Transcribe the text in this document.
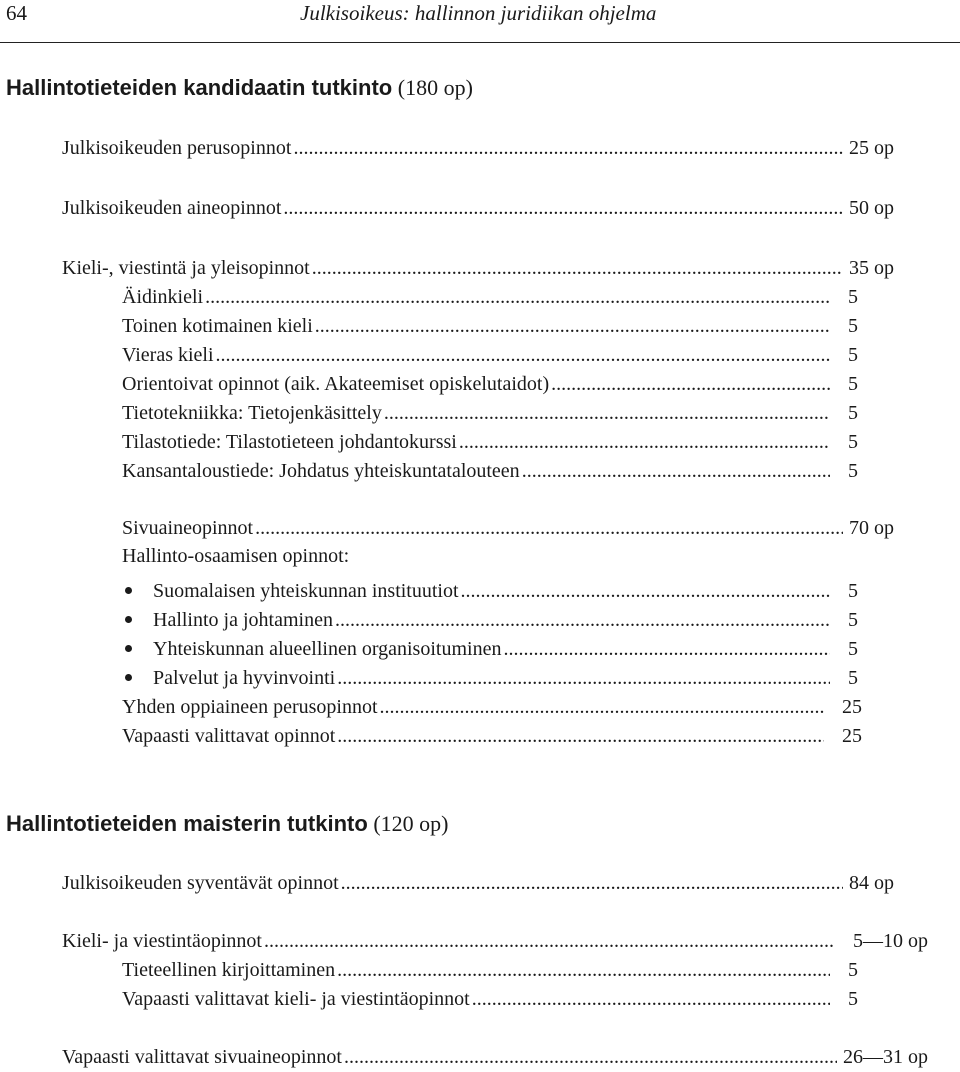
64	Julkisoikeus: hallinnon juridiikan ohjelma
Hallintotieteiden kandidaatin tutkinto (180 op)
Julkisoikeuden perusopinnot .....	25 op
Julkisoikeuden aineopinnot .....	50 op
Kieli-, viestintä ja yleisopinnot .....	35 op
Äidinkieli .....	5
Toinen kotimainen kieli .....	5
Vieras kieli .....	5
Orientoivat opinnot (aik. Akateemiset opiskelutaidot) .....	5
Tietotekniikka: Tietojenkäsittely .....	5
Tilastotiede: Tilastotieteen johdantokurssi .....	5
Kansantaloustiede: Johdatus yhteiskuntatalouteen .....	5
Sivuaineopinnot .....	70 op
Hallinto-osaamisen opinnot:
Suomalaisen yhteiskunnan instituutiot .....	5
Hallinto ja johtaminen .....	5
Yhteiskunnan alueellinen organisoituminen .....	5
Palvelut ja hyvinvointi .....	5
Yhden oppiaineen perusopinnot .....	25
Vapaasti valittavat opinnot .....	25
Hallintotieteiden maisterin tutkinto (120 op)
Julkisoikeuden syventävät opinnot .....	84 op
Kieli- ja viestintäopinnot .....	5—10 op
Tieteellinen kirjoittaminen .....	5
Vapaasti valittavat kieli- ja viestintäopinnot .....	5
Vapaasti valittavat sivuaineopinnot .....	26—31 op
